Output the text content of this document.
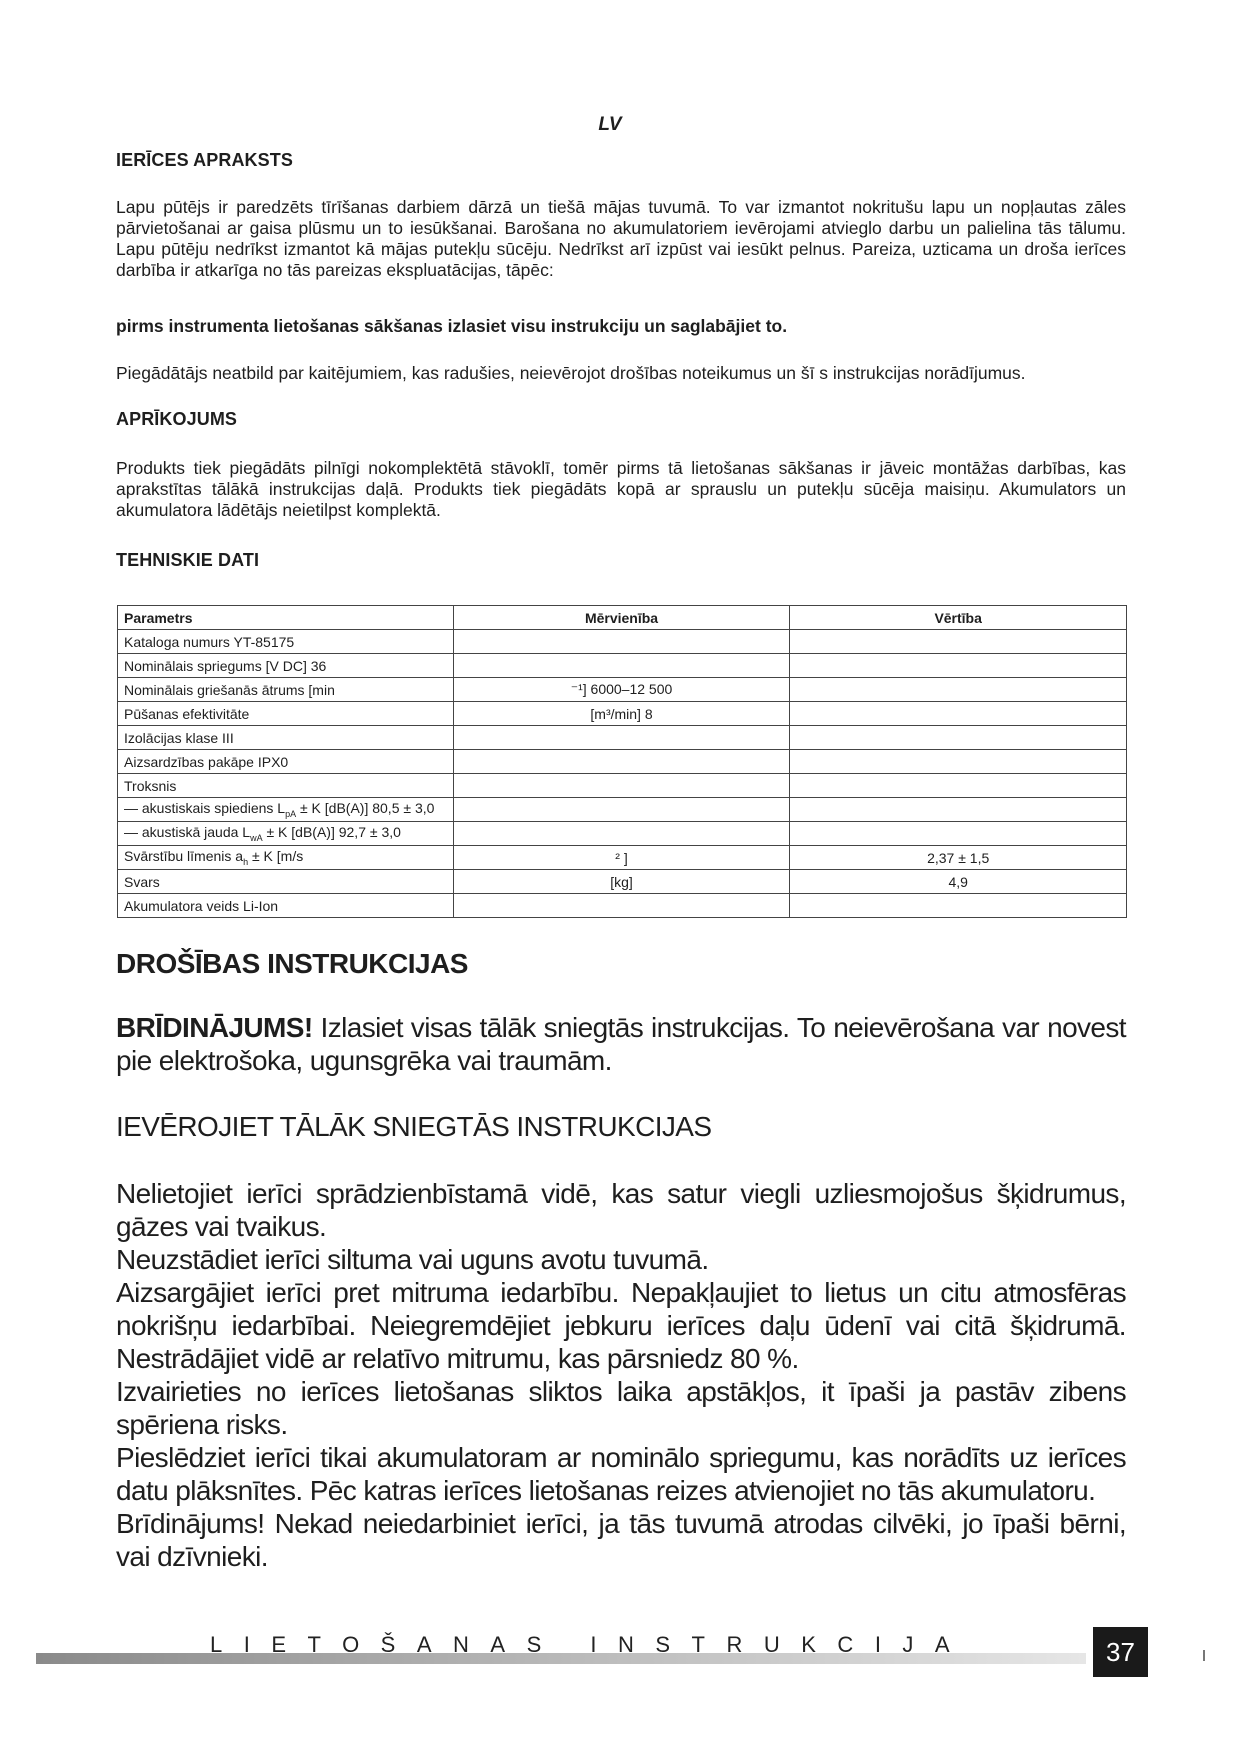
LV
IERĪCES APRAKSTS

Lapu pūtējs ir paredzēts tīrīšanas darbiem dārzā un tiešā mājas tuvumā. To var izmantot nokritušu lapu un nopļautas zāles pārvietošanai ar gaisa plūsmu un to iesūkšanai. Barošana no akumulatoriem ievērojami atvieglo darbu un palielina tās tālumu. Lapu pūtēju nedrīkst izmantot kā mājas putekļu sūcēju. Nedrīkst arī izpūst vai iesūkt pelnus. Pareiza, uzticama un droša ierīces darbība ir atkarīga no tās pareizas ekspluatācijas, tāpēc:

pirms instrumenta lietošanas sākšanas izlasiet visu instrukciju un saglabājiet to.

Piegādātājs neatbild par kaitējumiem, kas radušies, neievērojot drošības noteikumus un šī s instrukcijas norādījumus.

APRĪKOJUMS

Produkts tiek piegādāts pilnīgi nokomplektētā stāvoklī, tomēr pirms tā lietošanas sākšanas ir jāveic montāžas darbības, kas aprakstītas tālākā instrukcijas daļā. Produkts tiek piegādāts kopā ar sprauslu un putekļu sūcēja maisiņu. Akumulators un akumulatora lādētājs neietilpst komplektā.

TEHNISKIE DATI
Parametrs	Mērvienība	Vērtība
Kataloga numurs YT-85175		
Nominālais spriegums [V DC] 36		
Nominālais griešanās ātrums [min	⁻¹] 6000–12 500	
Pūšanas efektivitāte	[m³/min] 8	
Izolācijas klase III		
Aizsardzības pakāpe IPX0		
Troksnis		
— akustiskais spiediens $L_{pA} \pm K$ [dB(A)] 80,5 ± 3,0		
— akustiskā jauda $L_{wA} \pm K$ [dB(A)] 92,7 ± 3,0		
Svārstību līmenis $a_h \pm K$ [m/s	² ]	2,37 ± 1,5
Svars	[kg]	4,9
Akumulatora veids Li-Ion		
DROŠĪBAS INSTRUKCIJAS

BRĪDINĀJUMS! Izlasiet visas tālāk sniegtās instrukcijas. To neievērošana var novest pie elektrošoka, ugunsgrēka vai traumām.

IEVĒROJIET TĀLĀK SNIEGTĀS INSTRUKCIJAS

Nelietojiet ierīci sprādzienbīstamā vidē, kas satur viegli uzliesmojošus šķidrumus, gāzes vai tvaikus.
Neuzstādiet ierīci siltuma vai uguns avotu tuvumā.
Aizsargājiet ierīci pret mitruma iedarbību. Nepakļaujiet to lietus un citu atmosfēras nokrišņu iedarbībai. Neiegremdējiet jebkuru ierīces daļu ūdenī vai citā šķidrumā. Nestrādājiet vidē ar relatīvo mitrumu, kas pārsniedz 80 %.
Izvairieties no ierīces lietošanas sliktos laika apstākļos, it īpaši ja pastāv zibens spēriena risks.
Pieslēdziet ierīci tikai akumulatoram ar nominālo spriegumu, kas norādīts uz ierīces datu plāksnītes. Pēc katras ierīces lietošanas reizes atvienojiet no tās akumulatoru.
Brīdinājums! Nekad neiedarbiniet ierīci, ja tās tuvumā atrodas cilvēki, jo īpaši bērni, vai dzīvnieki.
LIETOŠANAS INSTRUKCIJA	37
